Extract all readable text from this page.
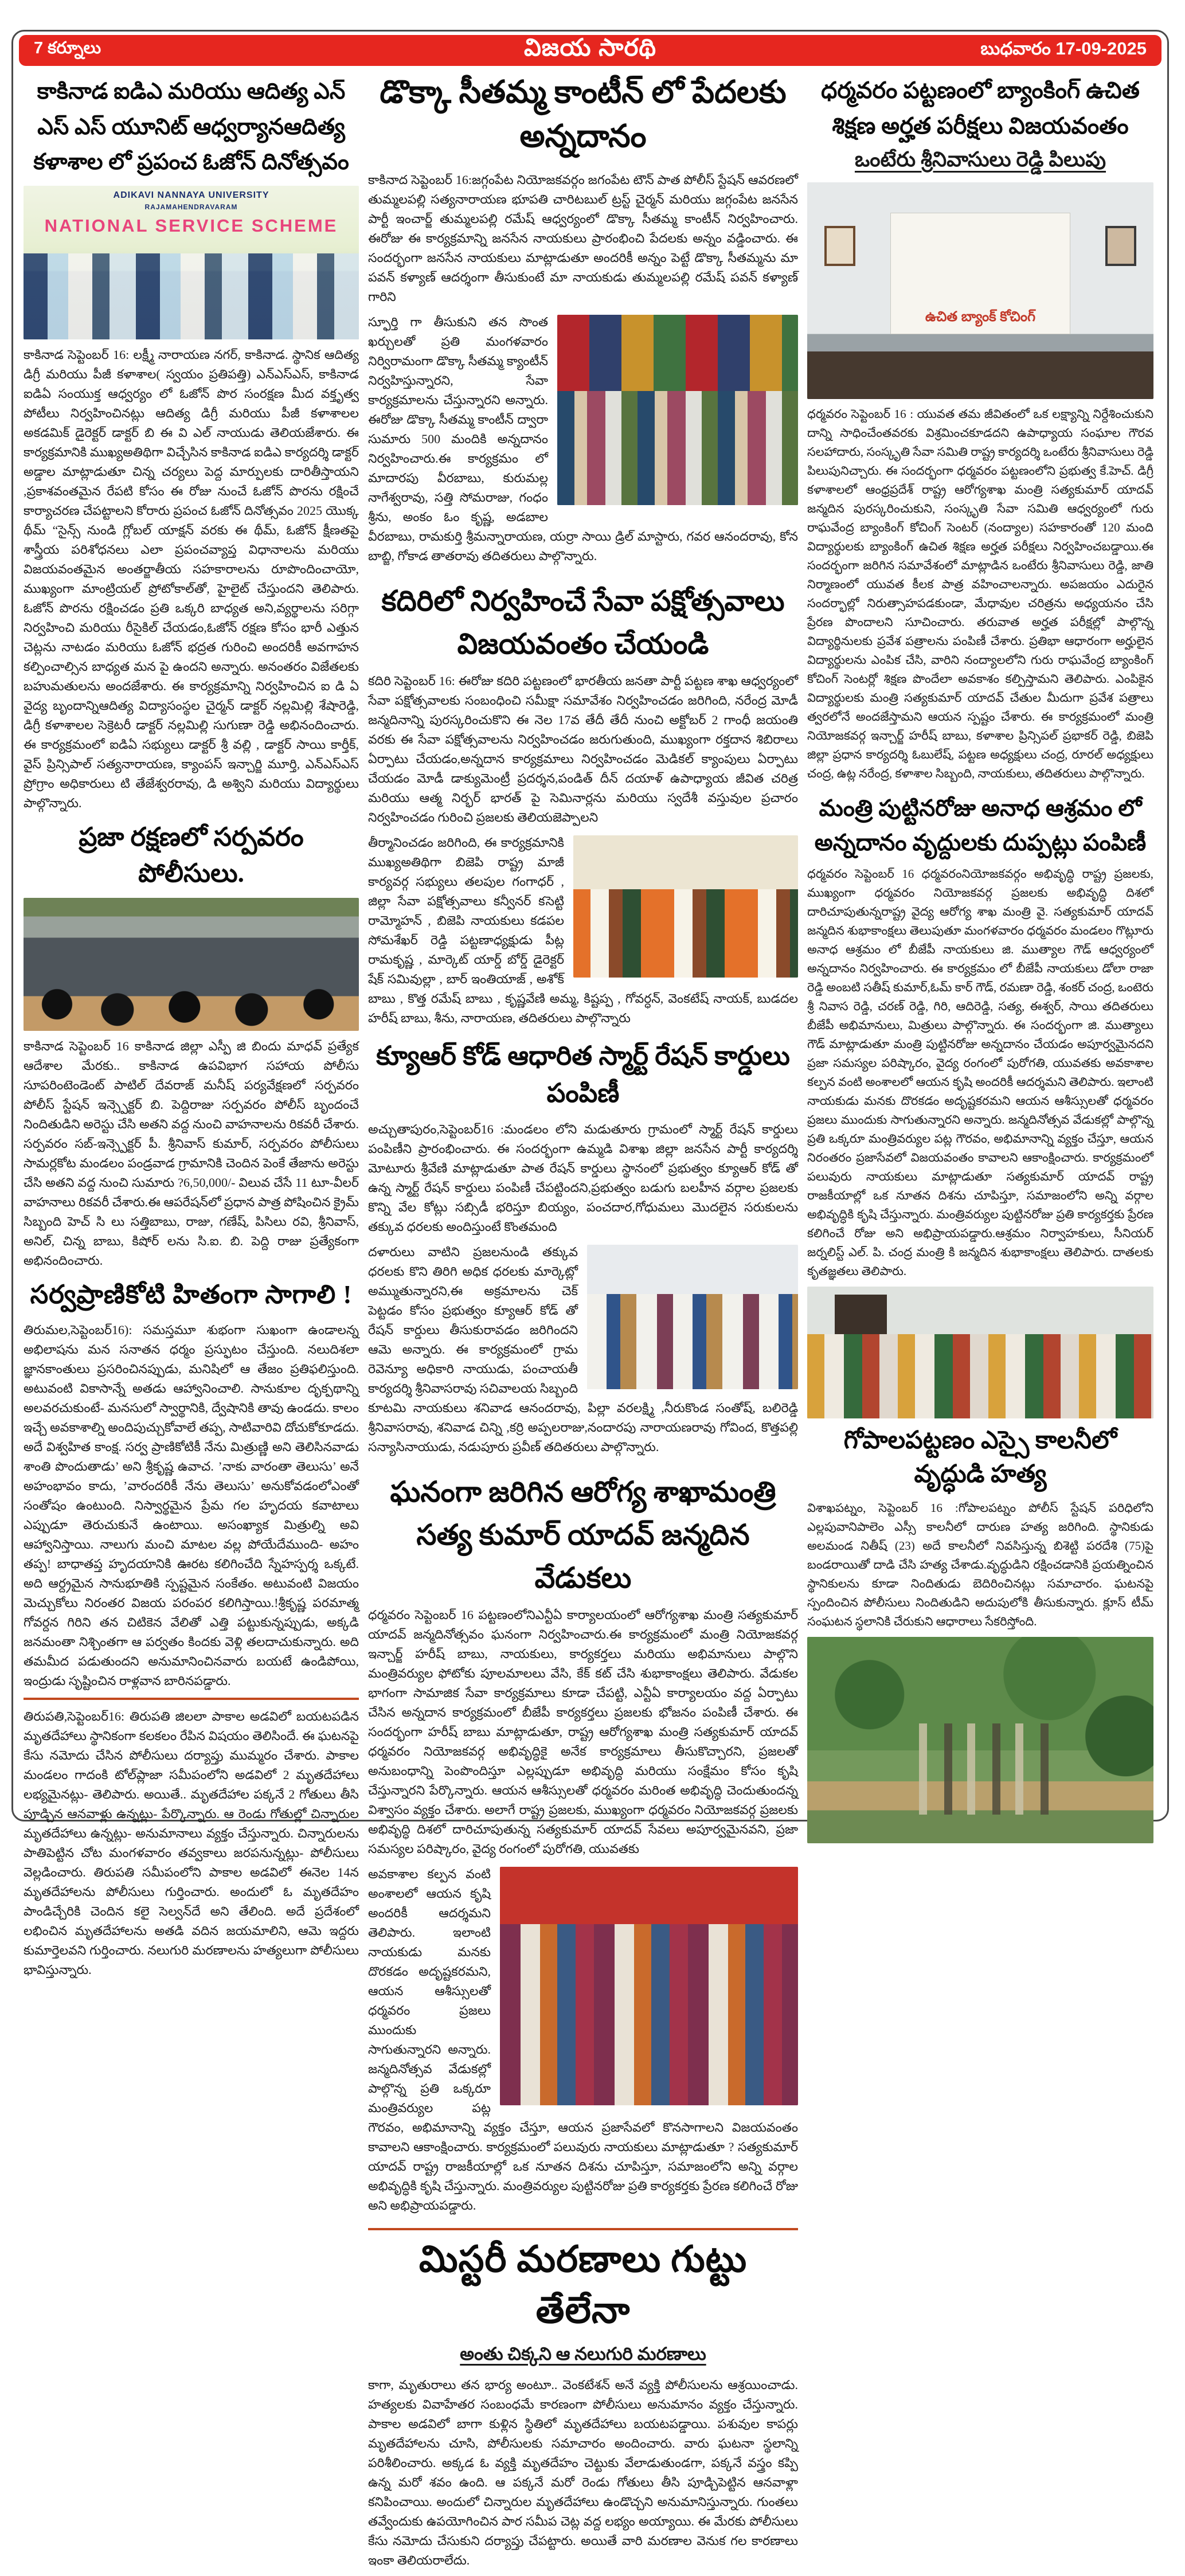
7 కర్నూలు	విజయ సారథి	బుధవారం 17-09-2025
కాకినాడ ఐడిఎ మరియు ఆదిత్య ఎన్ ఎస్ ఎస్ యూనిట్ ఆధ్వర్యానఆదిత్య కళాశాల లో ప్రపంచ ఓజోన్ దినోత్సవం
ADIKAVI NANNAYA UNIVERSITY
RAJAMAHENDRAVARAM
NATIONAL SERVICE SCHEME

కాకినాడ సెప్టెంబర్ 16: లక్ష్మీ నారాయణ నగర్, కాకినాడ. స్థానిక ఆదిత్య డిగ్రీ మరియు పీజీ కళాశాల( స్వయం ప్రతిపత్తి) ఎన్ఎస్ఎస్, కాకినాడ ఐడిఏ సంయుక్త ఆధ్వర్యం లో ఓజోన్ పొర సంరక్షణ మీద వక్తృత్వ పోటీలు నిర్వహించినట్లు ఆదిత్య డిగ్రీ మరియు పీజీ కళాశాలల అకడమిక్ డైరెక్టర్ డాక్టర్ బి ఈ వి ఎల్ నాయుడు తెలియజేశారు. ఈ కార్యక్రమానికి ముఖ్యఅతిథిగా విచ్చేసిన కాకినాడ ఐడిఎ కార్యదర్శి డాక్టర్ అడ్డాల మాట్లాడుతూ చిన్న చర్యలు పెద్ద మార్పులకు దారితీస్తాయని ,ప్రకాశవంతమైన రేపటి కోసం ఈ రోజు నుంచే ఓజోన్ పొరను రక్షించే కార్యాచరణ చేపట్టాలని కోరారు ప్రపంచ ఓజోన్ దినోత్సవం 2025 యొక్క థీమ్ “సైన్స్ నుండి గ్లోబల్ యాక్షన్ వరకు ఈ థీమ్, ఓజోన్ క్షీణతపై శాస్త్రీయ పరిశోధనలు ఎలా ప్రపంచవ్యాప్త విధానాలను మరియు విజయవంతమైన అంతర్జాతీయ సహకారాలను రూపొందించాయో, ముఖ్యంగా మాంట్రియల్ ప్రోటోకాల్‌తో, హైలైట్ చేస్తుందని తెలిపారు. ఓజోన్ పొరను రక్షించడం ప్రతి ఒక్కరి బాధ్యత అని,వ్యర్థాలను సరిగ్గా నిర్వహించి మరియు రీసైకిల్ చేయడం,ఓజోన్ రక్షణ కోసం భారీ ఎత్తున చెట్లను నాటడం మరియు ఓజోన్ భద్రత గురించి అందరికీ అవగాహన కల్పించాల్సిన బాధ్యత మన పై ఉందని అన్నారు. అనంతరం విజేతలకు బహుమతులను అందజేశారు. ఈ కార్యక్రమాన్ని నిర్వహించిన ఐ డి ఏ వైద్య బృందాన్నిఆదిత్య విద్యాసంస్థల చైర్మన్ డాక్టర్ నల్లమిల్లి శేషారెడ్డి, డిగ్రీ కళాశాలల సెక్రెటరీ డాక్టర్ నల్లమిల్లి సుగుణా రెడ్డి అభినందించారు. ఈ కార్యక్రమంలో ఐడిఏ సభ్యులు డాక్టర్ శ్రీ వల్లి , డాక్టర్ సాయి కార్తీక్, వైస్ ప్రిన్సిపాల్ సత్యనారాయణ, క్యాంపస్ ఇన్చార్జి మూర్తి, ఎన్ఎస్ఎస్ ప్రోగ్రాం అధికారులు టి తేజేశ్వరరావు, డి అశ్విని మరియు విద్యార్థులు పాల్గొన్నారు.

ప్రజా రక్షణలో సర్పవరం పోలీసులు.

కాకినాడ సెప్టెంబర్ 16 కాకినాడ జిల్లా ఎస్పీ జి బిందు మాధవ్ ప్రత్యేక ఆదేశాల మేరకు.. కాకినాడ ఉపవిభాగ సహాయ పోలీసు సూపరింటెండెంట్ పాటిల్ దేవరాజ్ మనీష్ పర్యవేక్షణలో సర్పవరం పోలీస్ స్టేషన్ ఇన్స్పెక్టర్ బి. పెద్దిరాజు సర్పవరం పోలీస్ బృందంచే నిందితుడిని అరెస్టు చేసి అతని వద్ద నుంచి వాహనాలను రికవరీ చేశారు. సర్పవరం సబ్-ఇన్స్పెక్టర్ పీ. శ్రీనివాస్ కుమార్, సర్పవరం పోలీసులు సామర్లకోట మండలం పండ్రవాడ గ్రామానికి చెందిన పెంకే తేజాను అరెస్టు చేసి అతని వద్ద నుంచి సుమారు ?6,50,000/- విలువ చేసే 11 టూ-వీలర్ వాహనాలు రికవరీ చేశారు.ఈ ఆపరేషన్‌లో ప్రధాన పాత్ర పోషించిన క్రైమ్ సిబ్బంది హెచ్ సి లు సత్తిబాబు, రాజు, గణేష్, పిసిలు రవి, శ్రీనివాస్, అనిల్, చిన్న బాబు, కిషోర్ లను సి.ఐ. బి. పెద్ది రాజు ప్రత్యేకంగా అభినందించారు.

సర్వప్రాణికోటి హితంగా సాగాలి !

తిరుమల,సెప్టెంబర్16): సమస్తమూ శుభంగా సుఖంగా ఉండాలన్న అభిలాషను మన సనాతన ధర్మం ప్రస్ఫుటం చేస్తుంది. నలుదిశలా జ్ఞానకాంతులు ప్రసరించినప్పుడు, మనిషిలో ఆ తేజం ప్రతిఫలిస్తుంది. అటువంటి వికాసాన్నే అతడు ఆహ్వానించాలి. సానుకూల దృక్పథాన్ని అలవరచుకుంటే- మనసులో స్వార్థానికి, ద్వేషానికి తావు ఉండదు. కాలం ఇచ్చే అవకాశాల్ని అందిపుచ్చుకోవాలే తప్ప, సాటివారివి దోచుకోకూడదు. అదే విశ్వహిత కాంక్ష. సర్వ ప్రాణికోటికీ నేను మిత్రుణ్ణి అని తెలిసినవాడు శాంతి పొందుతాడు’ అని శ్రీకృష్ణ ఉవాచ. ’నాకు వారంతా తెలుసు’ అనే అహంభావం కాదు, ’వారందరికీ నేను తెలుసు’ అనుకోవడంలోఎంతో సంతోషం ఉంటుంది. నిస్వార్థమైన ప్రేమ గల హృదయ కవాటాలు ఎప్పుడూ తెరుచుకునే ఉంటాయి. అసంఖ్యాక మిత్రుల్ని అవి ఆహ్వానిస్తాయి. నాలుగు మంచి మాటల వల్ల పోయేదేముంది- అహం తప్ప! బాధాతప్త హృదయానికి ఊరట కలిగించేది స్నేహస్పర్శ ఒక్కటే. అది ఆర్ద్రమైన సానుభూతికి స్పష్టమైన సంకేతం. అటువంటి విజయం మెచ్చుకోలు నిరంతర విజయ పరంపర కలిగిస్తాయి.!శ్రీకృష్ణ పరమాత్మ గోవర్దన గిరిని తన చిటికెన వేలితో ఎత్తి పట్టుకున్నప్పుడు, అక్కడి జనమంతా నిశ్చింతగా ఆ పర్వతం కిందకు వెళ్లి తలదాచుకున్నారు. అది తమమీద పడుతుందని అనుమానించినవారు బయటే ఉండిపోయి, ఇంద్రుడు సృష్టించిన రాళ్లవాన బారినపడ్డారు.

తిరుపతి,సెప్టెంబర్16: తిరుపతి జిలలా పాకాల అడవిలో బయటపడిన మృతదేహాలు స్థానికంగా కలకలం రేపిన విషయం తెలిసిందే. ఈ ఘటనపై కేసు నమోదు చేసిన పోలీసులు దర్యాప్తు ముమ్మరం చేశారు. పాకాల మండలం గాదంకి టోల్‌ప్లాజా సమీపంలోని అడవిలో 2 మృతదేహాలు లభ్యమైనట్లు- తెలిపారు. అయితే.. మృతదేహాల పక్కనే 2 గోతులు తీసి పూడ్చిన ఆనవాళ్లు ఉన్నట్లు- పేర్కొన్నారు. ఆ రెండు గోతుల్లో చిన్నారుల మృతదేహాలు ఉన్నట్లు- అనుమానాలు వ్యక్తం చేస్తున్నారు. చిన్నారులను పాతిపెట్టిన చోట మంగళవారం తవ్వకాలు జరపనున్నట్లు- పోలీసులు వెల్లడించారు. తిరుపతి సమీపంలోని పాకాల అడవిలో ఈనెల 14న మృతదేహాలను పోలీసులు గుర్తించారు. అందులో ఓ మృతదేహం పాండిచ్చేరికి చెందిన కలై సెల్వన్‌దే అని తేలింది. అదే ప్రదేశంలో లభించిన మృతదేహాలను అతడి వదిన జయమాలిని, ఆమె ఇద్దరు కుమార్తెలవని గుర్తించారు. నలుగురి మరణాలను హత్యలుగా పోలీసులు భావిస్తున్నారు.

డొక్కా సీతమ్మ కాంటీన్ లో పేదలకు అన్నదానం

కాకినాద సెప్టెంబర్ 16:జగ్గంపేట నియోజకవర్గం జగంపేట టౌన్ పాత పోలీస్ స్టేషన్ ఆవరణలో తుమ్మలపల్లి సత్యనారాయణ భూపతి చారిటబుల్ ట్రస్ట్ చైర్మన్ మరియు జగ్గంపేట జనసేన పార్టీ ఇంచార్జ్ తుమ్మలపల్లి రమేష్ ఆధ్వర్యంలో డొక్కా సీతమ్మ కాంటీన్ నిర్వహించారు. ఈరోజు ఈ కార్యక్రమాన్ని జనసేన నాయకులు ప్రారంభించి పేదలకు అన్నం వడ్డించారు. ఈ సందర్భంగా జనసేన నాయకులు మాట్లాడుతూ అందరికీ అన్నం పెట్టే డొక్కా సీతమ్మను మా పవన్ కళ్యాణ్ ఆదర్శంగా తీసుకుంటే మా నాయకుడు తుమ్మలపల్లి రమేష్ పవన్ కళ్యాణ్ గారిని

స్ఫూర్తి గా తీసుకుని తన సొంత ఖర్చులతో ప్రతి మంగళవారం నిర్విరామంగా డొక్కా సీతమ్మ క్యాంటీన్ నిర్వహిస్తున్నారని, సేవా కార్యక్రమాలను చేస్తున్నారని అన్నారు. ఈరోజు డొక్కా సీతమ్మ కాంటీన్ ద్వారా సుమారు 500 మందికి అన్నదానం నిర్వహించారు.ఈ కార్యక్రమం లో మాదారపు వీరబాబు, కురుమల్ల నాగేశ్వరావు, సత్తి సోమరాజు, గంధం శ్రీను, అంకం ఓం కృష్ణ, అడబాల వీరబాబు, రామకుర్తి శ్రీమన్నారాయణ, యర్రా సాయి డ్రిల్ మాస్టారు, గవర ఆనందరావు, కోన బాబ్జి, గోకాడ తాతరావు తదితరులు పాల్గొన్నారు.

కదిరిలో నిర్వహించే సేవా పక్షోత్సవాలు విజయవంతం చేయండి

కదిరి సెప్టెంబర్ 16: ఈరోజు కదిరి పట్టణంలో భారతీయ జనతా పార్టీ పట్టణ శాఖ ఆధ్వర్యంలో సేవా పక్షోత్సవాలకు సంబంధించి సమీక్షా సమావేశం నిర్వహించడం జరిగింది, నరేంద్ర మోడీ జన్మదినాన్ని పురస్కరించుకొని ఈ నెల 17వ తేదీ తేదీ నుంచి అక్టోబర్ 2 గాంధీ జయంతి వరకు ఈ సేవా పక్షోత్సవాలను నిర్వహించడం జరుగుతుంది, ముఖ్యంగా రక్తదాన శిబిరాలు ఏర్పాటు చేయడం,అన్నదాన కార్యక్రమాలు నిర్వహించడం మెడికల్ క్యాంపులు ఏర్పాటు చేయడం మోడీ డాక్యుమెంట్రీ ప్రదర్శన,పండిత్ దీన్ దయాళ్ ఉపాధ్యాయ జీవిత చరిత్ర మరియు ఆత్మ నిర్భర్ భారత్ పై సెమినార్లను మరియు స్వదేశీ వస్తువుల ప్రచారం నిర్వహించడం గురించి ప్రజలకు తెలియజెప్పాలని

తీర్మానించడం జరిగింది, ఈ కార్యక్రమానికి ముఖ్యఅతిథిగా బిజెపి రాష్ట్ర మాజీ కార్యవర్గ సభ్యులు తలపుల గంగాధర్ , జిల్లా సేవా పక్షోత్సవాలు కన్వీనర్ కసెట్టి రామ్మోహన్ , బిజెపి నాయకులు కడపల సోమశేఖర్ రెడ్డి పట్టణాధ్యక్షుడు పీట్ల రామకృష్ణ , మార్కెట్ యార్డ్ బోర్డ్ డైరెక్టర్ షేక్ సమివుల్లా , బార్ ఇంతియాజ్ , అశోక్ బాబు , కొత్త రమేష్ బాబు , కృష్ణవేణి అమ్మ, కిష్టప్ప , గోవర్ధన్, వెంకటేష్ నాయక్, బుడదల హరీష్ బాబు, శీను, నారాయణ, తదితరులు పాల్గొన్నారు

క్యూఆర్ కోడ్ ఆధారిత స్మార్ట్ రేషన్ కార్డులు పంపిణీ

అచ్చుతాపురం,సెప్టెంబర్16 :మండలం లోని మడుతూరు గ్రామంలో స్మార్ట్ రేషన్ కార్డులు పంపిణీని ప్రారంభించారు. ఈ సందర్భంగా ఉమ్మడి విశాఖ జిల్లా జనసేన పార్టీ కార్యదర్శి మోటూరు శ్రీవేణి మాట్లాడుతూ పాత రేషన్ కార్డులు స్థానంలో ప్రభుత్వం క్యూఆర్ కోడ్ తో ఉన్న స్మార్ట్ రేషన్ కార్డులు పంపిణీ చేపట్టిందని,ప్రభుత్వం బడుగు బలహీన వర్గాల ప్రజలకు కొన్ని వేల కోట్లు సబ్సిడీ భరిస్తూ బియ్యం, పంచదార,గోధుమలు మొదలైన సరుకులను తక్కువ ధరలకు అందిస్తుంటే కొంతమంది

దళారులు వాటిని ప్రజలనుండి తక్కువ ధరలకు కొని తిరిగి అధిక ధరలకు మార్కెట్లో అమ్ముతున్నారని,ఈ అక్రమాలను చెక్ పెట్టడం కోసం ప్రభుత్వం క్యూఆర్ కోడ్ తో రేషన్ కార్డులు తీసుకురావడం జరిగిందని ఆమె అన్నారు. ఈ కార్యక్రమంలో గ్రామ రెవెన్యూ అధికారి నాయుడు, పంచాయతీ కార్యదర్శి శ్రీనివాసరావు సచివాలయ సిబ్బంది కూటమి నాయకులు శనివాడ ఆనందరావు, పిల్లా వరలక్ష్మి ,నీరుకొండ సంతోష్, బలిరెడ్డి శ్రీనివాసరావు, శనివాడ చిన్ని ,కర్రి అప్పలరాజు,నందారపు నారాయణరావు గోవింద, కొత్తపల్లి సన్యాసినాయుడు, నడుపూరు ప్రవీణ్ తదితరులు పాల్గొన్నారు.

ఘనంగా జరిగిన ఆరోగ్య శాఖామంత్రి సత్య కుమార్ యాదవ్ జన్మదిన వేడుకలు

ధర్మవరం సెప్టెంబర్ 16 పట్టణంలోనిఎన్టీఏ కార్యాలయంలో ఆరోగ్యశాఖ మంత్రి సత్యకుమార్ యాదవ్ జన్మదినోత్సవం ఘనంగా నిర్వహించారు.ఈ కార్యక్రమంలో మంత్రి నియోజకవర్గ ఇన్చార్జ్ హరీష్ బాబు, నాయకులు, కార్యకర్తలు మరియు అభిమానులు పాల్గొని మంత్రివర్యుల ఫోటోకు పూలమాలలు వేసి, కేక్ కట్ చేసి శుభాకాంక్షలు తెలిపారు. వేడుకల భాగంగా సామాజిక సేవా కార్యక్రమాలు కూడా చేపట్టి, ఎన్టీఏ కార్యాలయం వద్ద ఏర్పాటు చేసిన అన్నదాన కార్యక్రమంలో బీజేపీ కార్యకర్తలు ప్రజలకు భోజనం పంపిణీ చేశారు. ఈ సందర్భంగా హరీష్ బాబు మాట్లాడుతూ, రాష్ట్ర ఆరోగ్యశాఖ మంత్రి సత్యకుమార్ యాదవ్ ధర్మవరం నియోజకవర్గ అభివృద్ధికై అనేక కార్యక్రమాలు తీసుకొచ్చారని, ప్రజలతో అనుబంధాన్ని పెంపొందిస్తూ ఎల్లప్పుడూ అభివృద్ధి మరియు సంక్షేమం కోసం కృషి చేస్తున్నారని పేర్కొన్నారు. ఆయన ఆశీస్సులతో ధర్మవరం మరింత అభివృద్ధి చెందుతుందన్న విశ్వాసం వ్యక్తం చేశారు. అలాగే రాష్ట్ర ప్రజలకు, ముఖ్యంగా ధర్మవరం నియోజకవర్గ ప్రజలకు అభివృద్ధి దిశలో దారిచూపుతున్న సత్యకుమార్ యాదవ్ సేవలు అపూర్వమైనవని, ప్రజా సమస్యల పరిష్కారం, వైద్య రంగంలో పురోగతి, యువతకు

అవకాశాల కల్పన వంటి అంశాలలో ఆయన కృషి అందరికీ ఆదర్శమని తెలిపారు. ఇలాంటి నాయకుడు మనకు దొరకడం అదృష్టకరమని, ఆయన ఆశీస్సులతో ధర్మవరం ప్రజలు ముందుకు సాగుతున్నారని అన్నారు. జన్మదినోత్సవ వేడుకల్లో పాల్గొన్న ప్రతి ఒక్కరూ మంత్రివర్యుల పట్ల గౌరవం, అభిమానాన్ని వ్యక్తం చేస్తూ, ఆయన ప్రజాసేవలో కొనసాగాలని విజయవంతం కావాలని ఆకాంక్షించారు. కార్యక్రమంలో పలువురు నాయకులు మాట్లాడుతూ ? సత్యకుమార్ యాదవ్ రాష్ట్ర రాజకీయాల్లో ఒక నూతన దిశను చూపిస్తూ, సమాజంలోని అన్ని వర్గాల అభివృద్ధికి కృషి చేస్తున్నారు. మంత్రివర్యుల పుట్టినరోజు ప్రతి కార్యకర్తకు ప్రేరణ కలిగించే రోజు అని అభిప్రాయపడ్డారు.

మిస్టరీ మరణాలు గుట్టు తేలేనా
అంతు చిక్కని ఆ నలుగురి మరణాలు

కాగా, మృతురాలు తన భార్య అంటూ.. వెంకటేశన్ అనే వ్యక్తి పోలీసులను ఆశ్రయించాడు. హత్యలకు వివాహేతర సంబంధమే కారణంగా పోలీసులు అనుమానం వ్యక్తం చేస్తున్నారు. పాకాల అడవిలో బాగా కుళ్లిన స్థితిలో మృతదేహాలు బయటపడ్డాయి. పశువుల కాపర్లు మృతదేహాలను చూసి, పోలీసులకు సమాచారం అందించారు. వారు ఘటనా స్థలాన్ని పరిశీలించారు. అక్కడ ఓ వ్యక్తి మృతదేహం చెట్టుకు వేలాడుతుండగా, పక్కనే వస్త్రం కప్పి ఉన్న మరో శవం ఉంది. ఆ పక్కనే మరో రెండు గోతులు తీసి పూడ్చిపెట్టిన ఆనవాళ్లా కనిపించాయి. అందులో చిన్నారుల మృతదేహాలు ఉండొచ్చని అనుమానిస్తున్నారు. గుంతలు తవ్వేందుకు ఉపయోగించిన పార సమీప చెట్ల వద్ద లభ్యం అయ్యాయి. ఈ మేరకు పోలీసులు కేసు నమోదు చేసుకుని దర్యాప్తు చేపట్టారు. అయితే వారి మరణాల వెనుక గల కారణాలు ఇంకా తెలియరాలేదు.

ధర్మవరం పట్టణంలో బ్యాంకింగ్ ఉచిత శిక్షణ అర్హత పరీక్షలు విజయవంతం
ఒంటేరు శ్రీనివాసులు రెడ్డి పిలుపు
ఉచిత బ్యాంక్ కోచింగ్

ధర్మవరం సెప్టెంబర్ 16 : యువత తమ జీవితంలో ఒక లక్ష్యాన్ని నిర్దేశించుకుని దాన్ని సాధించేంతవరకు విశ్రమించకూడదని ఉపాధ్యాయ సంఘాల గౌరవ సలహాదారు, సంస్కృతి సేవా సమితి రాష్ట్ర కార్యదర్శి ఒంటేరు శ్రీనివాసులు రెడ్డి పిలుపునిచ్చారు. ఈ సందర్భంగా ధర్మవరం పట్టణంలోని ప్రభుత్వ కే.హెచ్. డిగ్రీ కళాశాలలో ఆంధ్రప్రదేశ్ రాష్ట్ర ఆరోగ్యశాఖ మంత్రి సత్యకుమార్ యాదవ్ జన్మదిన పురస్కరించుకుని, సంస్కృతి సేవా సమితి ఆధ్వర్యంలో గురు రాఘవేంద్ర బ్యాంకింగ్ కోచింగ్ సెంటర్ (నంద్యాల) సహకారంతో 120 మంది విద్యార్థులకు బ్యాంకింగ్ ఉచిత శిక్షణ అర్హత పరీక్షలు నిర్వహించబడ్డాయి.ఈ సందర్భంగా జరిగిన సమావేశంలో మాట్లాడిన ఒంటేరు శ్రీనివాసులు రెడ్డి, జాతి నిర్మాణంలో యువత కీలక పాత్ర వహించాలన్నారు. అపజయం ఎదురైన సందర్భాల్లో నిరుత్సాహపడకుండా, మేధావుల చరిత్రను అధ్యయనం చేసి ప్రేరణ పొందాలని సూచించారు. తరువాత అర్హత పరీక్షల్లో పాల్గొన్న విద్యార్థినులకు ప్రవేశ పత్రాలను పంపిణీ చేశారు. ప్రతిభా ఆధారంగా అర్హులైన విద్యార్థులను ఎంపిక చేసి, వారిని నంద్యాలలోని గురు రాఘవేంద్ర బ్యాంకింగ్ కోచింగ్ సెంటర్లో శిక్షణ పొందేలా అవకాశం కల్పిస్తామని తెలిపారు. ఎంపికైన విద్యార్థులకు మంత్రి సత్యకుమార్ యాదవ్ చేతుల మీదుగా ప్రవేశ పత్రాలు త్వరలోనే అందజేస్తామని ఆయన స్పష్టం చేశారు. ఈ కార్యక్రమంలో మంత్రి నియోజకవర్గ ఇన్చార్జ్ హరీష్ బాబు, కళాశాల ప్రిన్సిపల్ ప్రభాకర్ రెడ్డి, బిజెపి జిల్లా ప్రధాన కార్యదర్శి ఓబులేష్, పట్టణ అధ్యక్షులు చంద్ర, రూరల్ అధ్యక్షులు చంద్ర, ఉట్ల నరేంద్ర, కళాశాల సిబ్బంది, నాయకులు, తదితరులు పాల్గొన్నారు.

మంత్రి పుట్టినరోజు అనాధ ఆశ్రమం లో అన్నదానం వృద్దులకు దుప్పట్లు పంపిణీ

ధర్మవరం సెప్టెంబర్ 16 ధర్మవరంనియోజకవర్గం అభివృద్ధి రాష్ట్ర ప్రజలకు, ముఖ్యంగా ధర్మవరం నియోజకవర్గ ప్రజలకు అభివృద్ధి దిశలో దారిచూపుతున్నరాష్ట్ర వైద్య ఆరోగ్య శాఖ మంత్రి వై. సత్యకుమార్ యాదవ్ జన్మదిన శుభాకాంక్షలు తెలుపుతూ మంగళవారం ధర్మవరం మండలం గొట్లూరు అనాధ ఆశ్రమం లో బీజేపీ నాయకులు జి. ముత్యాల గౌడ్ ఆధ్వర్యంలో అన్నదానం నిర్వహించారు. ఈ కార్యక్రమం లో బీజేపీ నాయకులు డోలా రాజా రెడ్డి అంబటి సతీష్ కుమార్,ఓమ్ కార్ గౌడ్, రమణా రెడ్డి, శంకర్ చంద్ర, ఒంటెరు శ్రీ నివాస రెడ్డి, చరణ్ రెడ్డి, గిరి, ఆదిరెడ్డి, సత్య, ఈశ్వర్, సాయి తదితరులు బీజేపీ అభిమానులు, మిత్రులు పాల్గొన్నారు. ఈ సందర్భంగా జి. ముత్యాలు గౌడ్ మాట్లాడుతూ మంత్రి పుట్టినరోజు అన్నదానం చేయడం అపూర్వమైనదని ప్రజా సమస్యల పరిష్కారం, వైద్య రంగంలో పురోగతి, యువతకు అవకాశాల కల్పన వంటి అంశాలలో ఆయన కృషి అందరికీ ఆదర్శమని తెలిపారు. ఇలాంటి నాయకుడు మనకు దొరకడం అదృష్టకరమని ఆయన ఆశీస్సులతో ధర్మవరం ప్రజలు ముందుకు సాగుతున్నారని అన్నారు. జన్మదినోత్సవ వేడుకల్లో పాల్గొన్న ప్రతి ఒక్కరూ మంత్రివర్యుల పట్ల గౌరవం, అభిమానాన్ని వ్యక్తం చేస్తూ, ఆయన నిరంతరం ప్రజాసేవలో విజయవంతం కావాలని ఆకాంక్షించారు. కార్యక్రమంలో పలువురు నాయకులు మాట్లాడుతూ సత్యకుమార్ యాదవ్ రాష్ట్ర రాజకీయాల్లో ఒక నూతన దిశను చూపిస్తూ, సమాజంలోని అన్ని వర్గాల అభివృద్ధికి కృషి చేస్తున్నారు. మంత్రివర్యుల పుట్టినరోజు ప్రతి కార్యకర్తకు ప్రేరణ కలిగించే రోజు అని అభిప్రాయపడ్డారు.ఆశ్రమం నిర్వాహకులు, సీనియర్ జర్నలిస్ట్ ఎల్. పి. చంద్ర మంత్రి కి జన్మదిన శుభాకాంక్షలు తెలిపారు. దాతలకు కృతజ్ఞతలు తెలిపారు.

గోపాలపట్టణం ఎస్సై కాలనీలో వృద్ధుడి హత్య

విశాఖపట్నం, సెప్టెంబర్ 16 :గోపాలపట్నం పోలీస్ స్టేషన్ పరిధిలోని ఎల్లపువానిపాలెం ఎస్సీ కాలనీలో దారుణ హత్య జరిగింది. స్థానికుడు అలమండ నితీష్ (23) అదే కాలనీలో నివసిస్తున్న బిశెట్టి పరదేశి (75)పై బండరాయితో దాడి చేసి హత్య చేశాడు.వృద్ధుడిని రక్షించడానికి ప్రయత్నించిన స్థానికులను కూడా నిందితుడు బెదిరించినట్లు సమాచారం. ఘటనపై స్పందించిన పోలీసులు నిందితుడిని అదుపులోకి తీసుకున్నారు. క్లూస్ టీమ్ సంఘటన స్థలానికి చేరుకుని ఆధారాలు సేకరిస్తోంది.
